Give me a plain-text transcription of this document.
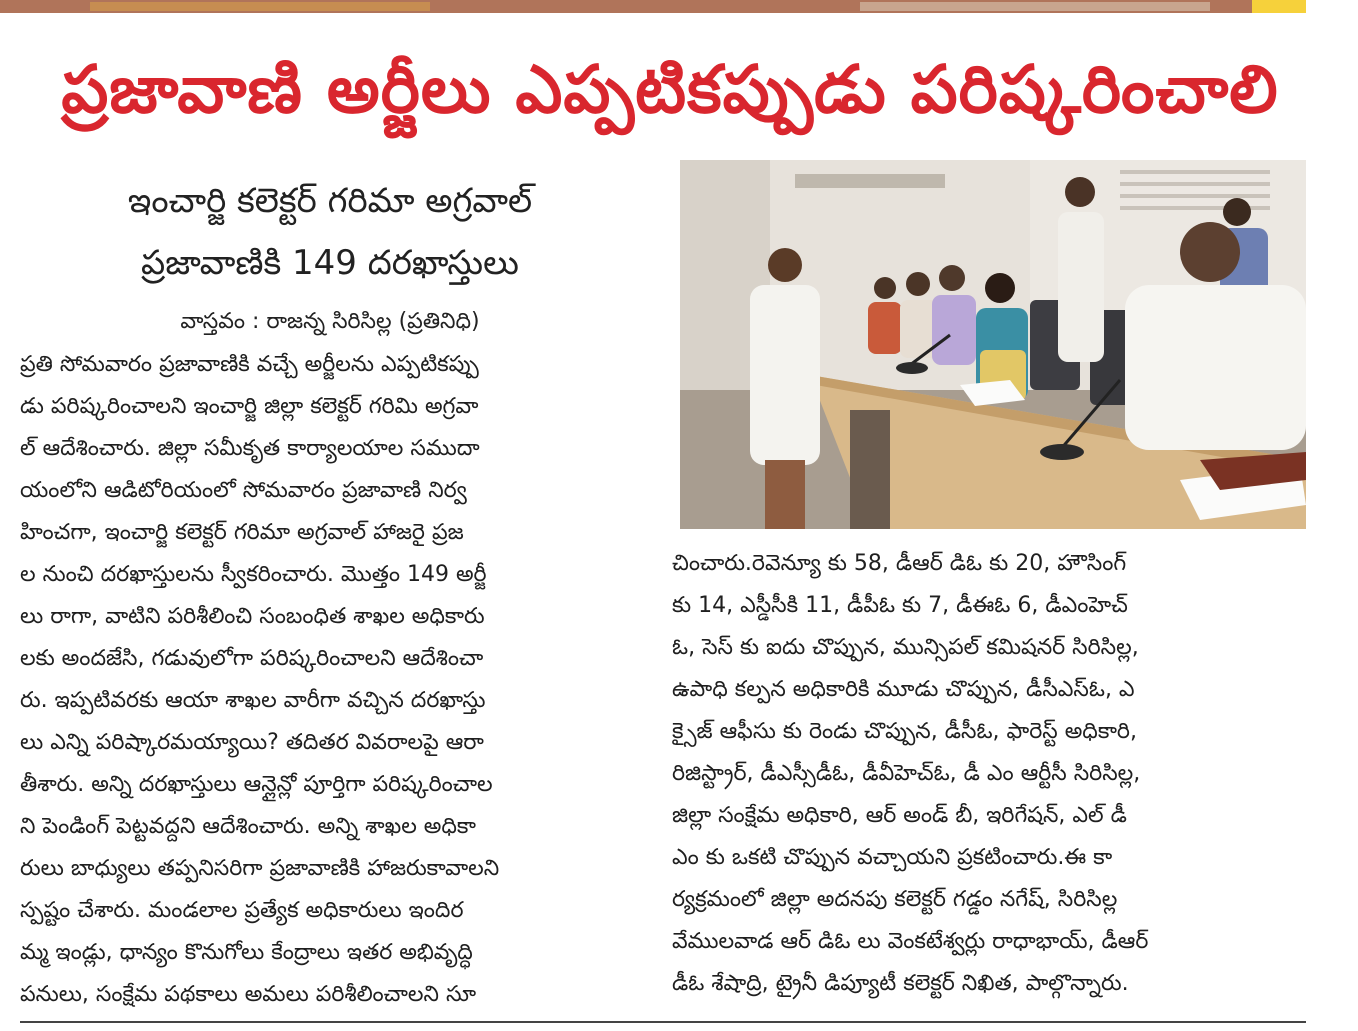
ప్రజావాణి అర్జీలు ఎప్పటికప్పుడు పరిష్కరించాలి
ఇంచార్జి కలెక్టర్ గరిమా అగ్రవాల్
ప్రజావాణికి 149 దరఖాస్తులు
వాస్తవం : రాజన్న సిరిసిల్ల (ప్రతినిధి)
ప్రతి సోమవారం ప్రజావాణికి వచ్చే అర్జీలను ఎప్పటికప్పు
డు పరిష్కరించాలని ఇంచార్జి జిల్లా కలెక్టర్ గరిమి అగ్రవా
ల్ ఆదేశించారు. జిల్లా సమీకృత కార్యాలయాల సముదా
యంలోని ఆడిటోరియంలో సోమవారం ప్రజావాణి నిర్వ
హించగా, ఇంచార్జి కలెక్టర్ గరిమా అగ్రవాల్ హాజరై ప్రజ
ల నుంచి దరఖాస్తులను స్వీకరించారు. మొత్తం 149 అర్జీ
లు రాగా, వాటిని పరిశీలించి సంబంధిత శాఖల అధికారు
లకు అందజేసి, గడువులోగా పరిష్కరించాలని ఆదేశించా
రు. ఇప్పటివరకు ఆయా శాఖల వారీగా వచ్చిన దరఖాస్తు
లు ఎన్ని పరిష్కారమయ్యాయి? తదితర వివరాలపై ఆరా
తీశారు. అన్ని దరఖాస్తులు ఆన్లైన్లో పూర్తిగా పరిష్కరించాల
ని పెండింగ్ పెట్టవద్దని ఆదేశించారు. అన్ని శాఖల అధికా
రులు బాధ్యులు తప్పనిసరిగా ప్రజావాణికి హాజరుకావాలని
స్పష్టం చేశారు. మండలాల ప్రత్యేక అధికారులు ఇందిర
మ్మ ఇండ్లు, ధాన్యం కొనుగోలు కేంద్రాలు ఇతర అభివృద్ధి
పనులు, సంక్షేమ పథకాలు అమలు పరిశీలించాలని సూ
చించారు.రెవెన్యూ కు 58, డీఆర్ డిఓ కు 20, హౌసింగ్
కు 14, ఎస్డీసీకి 11, డీపీఓ కు 7, డీఈఓ 6, డీఎంహెచ్
ఓ, సెస్ కు ఐదు చొప్పున, మున్సిపల్ కమిషనర్ సిరిసిల్ల,
ఉపాధి కల్పన అధికారికి మూడు చొప్పున, డీసీఎస్ఓ, ఎ
క్సైజ్ ఆఫీసు కు రెండు చొప్పున, డీసీఓ, ఫారెస్ట్ అధికారి,
రిజిస్ట్రార్, డీఎస్సీడీఓ, డీవీహెచ్ఓ, డీ ఎం ఆర్టీసీ సిరిసిల్ల,
జిల్లా సంక్షేమ అధికారి, ఆర్ అండ్ బీ, ఇరిగేషన్, ఎల్ డీ
ఎం కు ఒకటి చొప్పున వచ్చాయని ప్రకటించారు.ఈ కా
ర్యక్రమంలో జిల్లా అదనపు కలెక్టర్ గడ్డం నగేష్, సిరిసిల్ల
వేములవాడ ఆర్ డిఓ లు వెంకటేశ్వర్లు రాధాభాయ్, డీఆర్
డీఓ శేషాద్రి, ట్రైనీ డిప్యూటీ కలెక్టర్ నిఖిత, పాల్గొన్నారు.
